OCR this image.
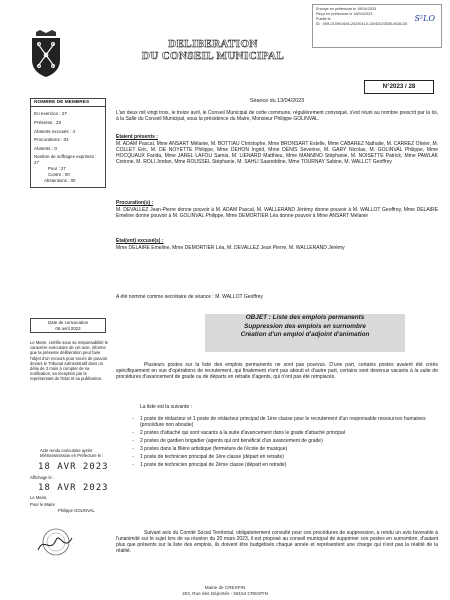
Envoyé en préfecture le 18/04/2023
Reçu en préfecture le 18/04/2023
Publié le
ID : 059-215901684-20230413-13042023DELIB28-DE
S²LO
DELIBERATION
DU CONSEIL MUNICIPAL
N°2023 / 28
NOMBRE DE MEMBRES
En exercice : 27
Présents : 23
Absents excusés : 4
Procurations : 04
Absents : 0
Nombre de suffrages exprimés : 27
Pour : 27
Contre : 00
Abstentions : 00
Séance du 13/04/2023
L'an deux mil vingt trois, le treize avril, le Conseil Municipal de cette commune, régulièrement convoqué, s'est réuni au nombre prescrit par la loi, à la Salle du Conseil Municipal, sous la présidence du Maire, Monsieur Philippe GOLINVAL.
Etaient présents :
M. ADAM Pascal, Mme ANSART Mélanie, M. BOTTIAU Christophe, Mme BRONSART Estelle, Mme CABAREZ Nathalie, M. CARREZ Olivier, M. COLLET Eric, M. DE NOYETTE Philippe, Mme DEHON Ingrid, Mme DENIS Séverine, M. GARY Nicolas, M. GOLINVAL Philippe, Mme HOCQUAUX Farida, Mme JAREL LAFOU Samia, M. LIENARD Matthieu, Mme MANNINO Stéphanie, M. NOISETTE Patrick, Mme PAWLAK Corinne, M. ROLI Jordan, Mme ROUSSEL Stéphanie, M. SAHLI Saareddine, Mme TOURNAY Sabine, M. WALLCT Geoffrey
Procuration(s) :
M. DEVALLEZ Jean-Pierre donne pouvoir à M. ADAM Pascal, M. WALLERAND Jérémy donne pouvoir à M. WALLOT Geoffrey, Mme DELAIRE Emeline donne pouvoir à M. GOLINVAL Philippe, Mme DEMORTIER Léa donne pouvoir à Mme ANSART Mélanie
Etai(ent) excusé(s) :
Mme DELAIRE Emeline, Mme DEMORTIER Léa, M. DEVALLEZ Jean Pierre, M. WALLERAND Jérémy
A été nommé comme secrétaire de séance : M. WALLOT Geoffrey
Date de convocation
06 avril 2023
OBJET : Liste des emplois permanents
Suppression des emplois en surnombre
Création d'un emploi d'adjoint d'animation
Le Maire, certifie sous sa responsabilité le caractère exécutoire de cet acte, informe que la présente délibération peut faire l'objet d'un recours pour excès de pouvoir devant le Tribunal Administratif dans un délai de 2 mois à compter de sa notification, sa réception par le représentant de l'Etat et sa publication.
Plusieurs postes sur la liste des emplois permanents ne sont pas pourvus. D'une part, certains postes avaient été créés spécifiquement en vue d'opérations de recrutement, qui finalement n'ont pas abouti et d'autre part, certains sont devenus vacants à la suite de procédures d'avancement de grade ou de départs en retraite d'agents, qui n'ont pas été remplacés.
La liste est la suivante :
-	1 poste de rédacteur et 1 poste de rédacteur principal de 1ère classe pour le recrutement d'un responsable ressources humaines (procédure non aboutie)
-	2 postes d'attaché qui sont vacants à la suite d'avancement dans le grade d'attaché principal
-	2 postes de gardien brigadier (agents qui ont bénéficié d'un avancement de grade)
-	3 postes dans la filière artistique (fermeture de l'école de musique)
-	1 poste de technicien principal de 1ère classe (départ en retraite)
-	1 poste de technicien principal de 2ème classe (départ en retraite)
Suivant avis du Comité Social Territorial, obligatoirement consulté pour ces procédures de suppression, a rendu un avis favorable à l'unanimité sur le sujet lors de sa réunion du 20 mars 2023, il est proposé au conseil municipal de supprimer ces postes en surnombre, d'autant plus que présents sur la liste des emplois, ils doivent être budgétisés chaque année et représentent une charge qui n'est pas la réalité de la réalité.
Acte rendu exécutoire après télétransmission en Préfecture le :
18 AVR 2023
Affichage le :
18 AVR 2023
Le Maire,
Pour le Maire
Philippe GOLINVAL
Mairie de CRESPIN
203, Rue des Déportés - 59154 CRESPIN
